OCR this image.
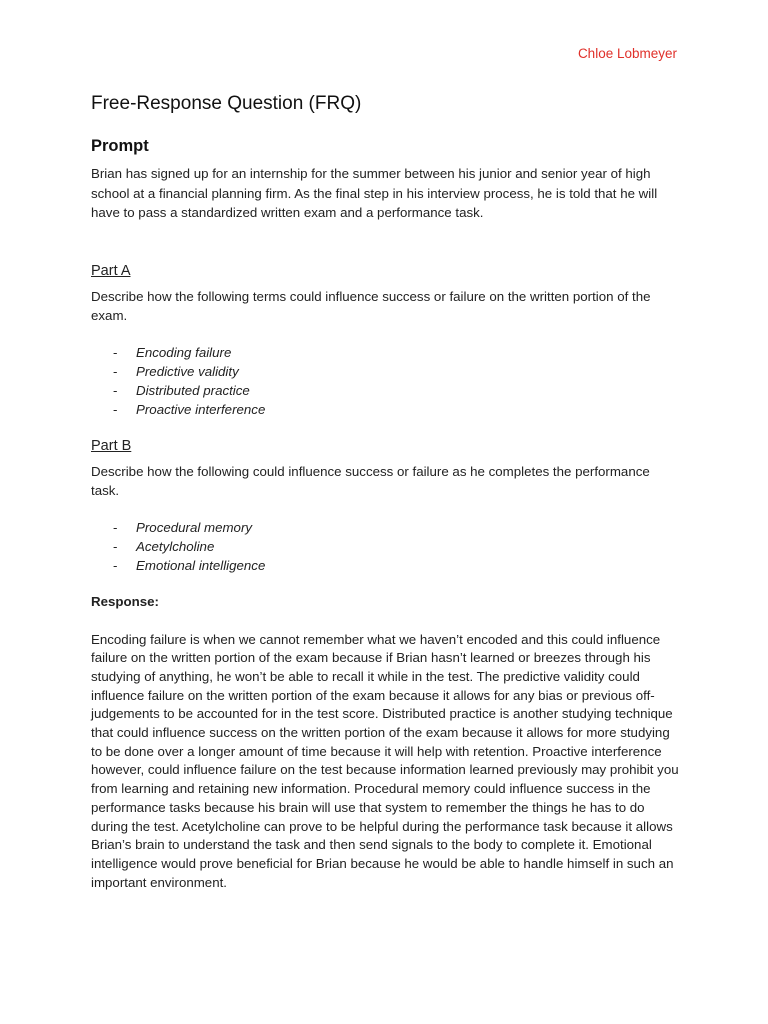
Chloe Lobmeyer
Free-Response Question (FRQ)
Prompt

Brian has signed up for an internship for the summer between his junior and senior year of high school at a financial planning firm. As the final step in his interview process, he is told that he will have to pass a standardized written exam and a performance task.

Part A

Describe how the following terms could influence success or failure on the written portion of the exam.

-	Encoding failure
-	Predictive validity
-	Distributed practice
-	Proactive interference
Part B

Describe how the following could influence success or failure as he completes the performance task.

-	Procedural memory
-	Acetylcholine
-	Emotional intelligence
Response:

Encoding failure is when we cannot remember what we haven’t encoded and this could influence failure on the written portion of the exam because if Brian hasn’t learned or breezes through his studying of anything, he won’t be able to recall it while in the test. The predictive validity could influence failure on the written portion of the exam because it allows for any bias or previous off-judgements to be accounted for in the test score. Distributed practice is another studying technique that could influence success on the written portion of the exam because it allows for more studying to be done over a longer amount of time because it will help with retention. Proactive interference however, could influence failure on the test because information learned previously may prohibit you from learning and retaining new information. Procedural memory could influence success in the performance tasks because his brain will use that system to remember the things he has to do during the test. Acetylcholine can prove to be helpful during the performance task because it allows Brian’s brain to understand the task and then send signals to the body to complete it. Emotional intelligence would prove beneficial for Brian because he would be able to handle himself in such an important environment.
